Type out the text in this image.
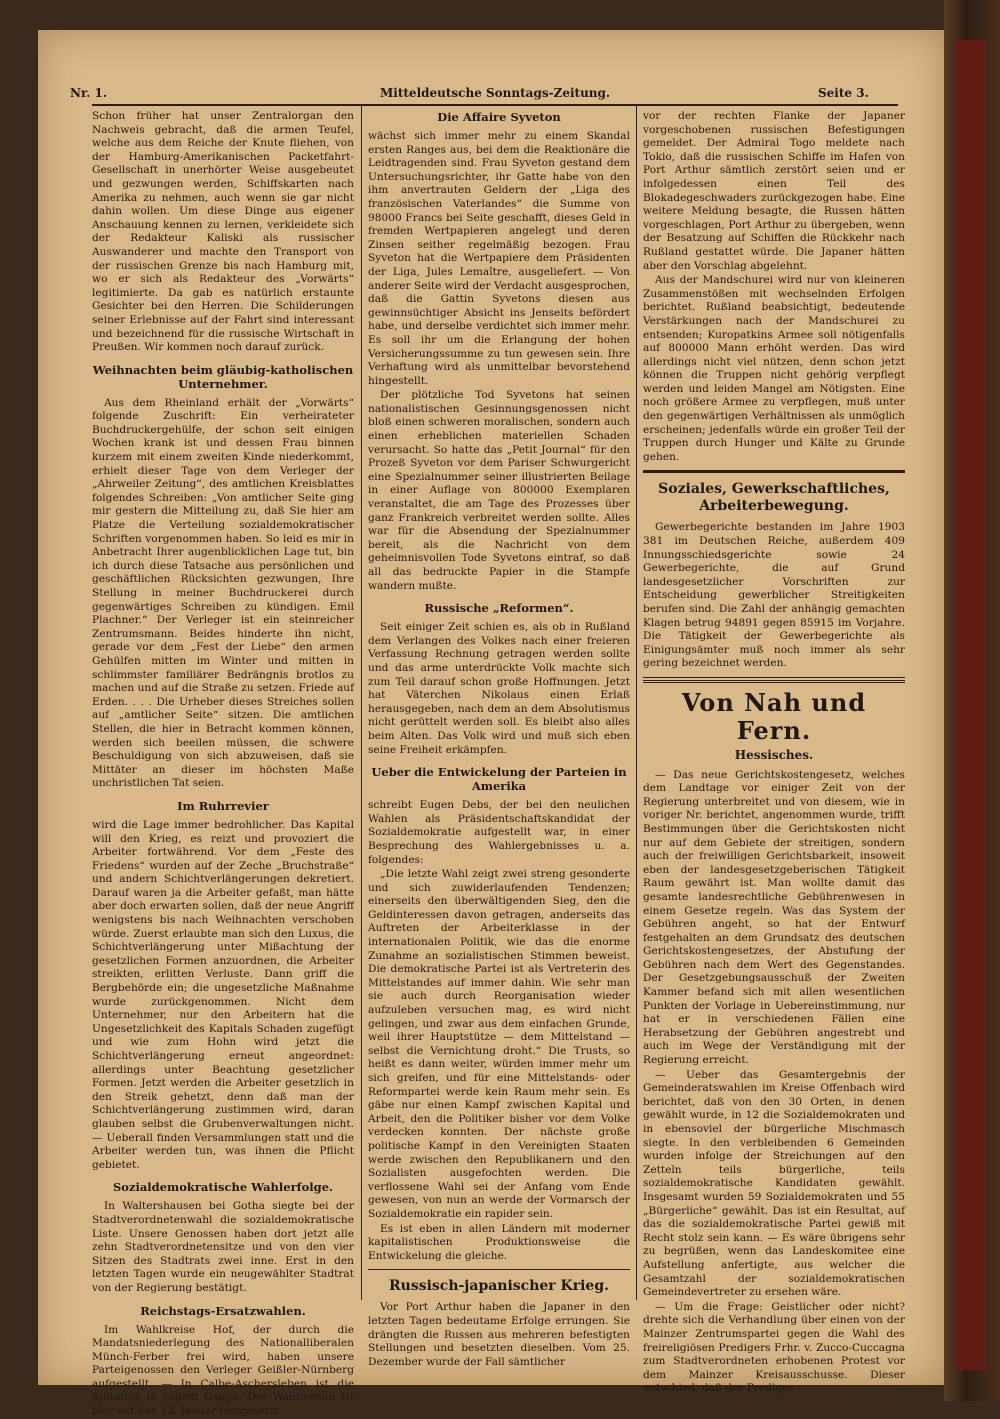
Nr. 1.	Mitteldeutsche Sonntags-Zeitung.	Seite 3.

Schon früher hat unser Zentralorgan den Nachweis gebracht, daß die armen Teufel, welche aus dem Reiche der Knute fliehen, von der Hamburg-Amerikanischen Packetfahrt-Gesellschaft in unerhörter Weise ausgebeutet und gezwungen werden, Schiffskarten nach Amerika zu nehmen, auch wenn sie gar nicht dahin wollen. Um diese Dinge aus eigener Anschauung kennen zu lernen, verkleidete sich der Redakteur Kaliski als russischer Auswanderer und machte den Transport von der russischen Grenze bis nach Hamburg mit, wo er sich als Redakteur des „Vorwärts“ legitimierte. Da gab es natürlich erstaunte Gesichter bei den Herren. Die Schilderungen seiner Erlebnisse auf der Fahrt sind interessant und bezeichnend für die russische Wirtschaft in Preußen. Wir kommen noch darauf zurück.

Weihnachten beim gläubig-katholischen Unternehmer.

Aus dem Rheinland erhält der „Vorwärts“ folgende Zuschrift: Ein verheirateter Buchdruckergehülfe, der schon seit einigen Wochen krank ist und dessen Frau binnen kurzem mit einem zweiten Kinde niederkommt, erhielt dieser Tage von dem Verleger der „Ahrweiler Zeitung“, des amtlichen Kreisblattes folgendes Schreiben: „Von amtlicher Seite ging mir gestern die Mitteilung zu, daß Sie hier am Platze die Verteilung sozialdemokratischer Schriften vorgenommen haben. So leid es mir in Anbetracht Ihrer augenblicklichen Lage tut, bin ich durch diese Tatsache aus persönlichen und geschäftlichen Rücksichten gezwungen, Ihre Stellung in meiner Buchdruckerei durch gegenwärtiges Schreiben zu kündigen. Emil Plachner.“ Der Verleger ist ein steinreicher Zentrumsmann. Beides hinderte ihn nicht, gerade vor dem „Fest der Liebe“ den armen Gehülfen mitten im Winter und mitten in schlimmster familiärer Bedrängnis brotlos zu machen und auf die Straße zu setzen. Friede auf Erden. . . . Die Urheber dieses Streiches sollen auf „amtlicher Seite“ sitzen. Die amtlichen Stellen, die hier in Betracht kommen können, werden sich beeilen müssen, die schwere Beschuldigung von sich abzuweisen, daß sie Mittäter an dieser im höchsten Maße unchristlichen Tat seien.

Im Ruhrrevier

wird die Lage immer bedrohlicher. Das Kapital will den Krieg, es reizt und provoziert die Arbeiter fortwährend. Vor dem „Feste des Friedens“ wurden auf der Zeche „Bruchstraße“ und andern Schichtverlängerungen dekretiert. Darauf waren ja die Arbeiter gefaßt, man hätte aber doch erwarten sollen, daß der neue Angriff wenigstens bis nach Weihnachten verschoben würde. Zuerst erlaubte man sich den Luxus, die Schichtverlängerung unter Mißachtung der gesetzlichen Formen anzuordnen, die Arbeiter streikten, erlitten Verluste. Dann griff die Bergbehörde ein; die ungesetzliche Maßnahme wurde zurückgenommen. Nicht dem Unternehmer, nur den Arbeitern hat die Ungesetzlichkeit des Kapitals Schaden zugefügt und wie zum Hohn wird jetzt die Schichtverlängerung erneut angeordnet: allerdings unter Beachtung gesetzlicher Formen. Jetzt werden die Arbeiter gesetzlich in den Streik gehetzt, denn daß man der Schichtverlängerung zustimmen wird, daran glauben selbst die Grubenverwaltungen nicht. — Ueberall finden Versammlungen statt und die Arbeiter werden tun, was ihnen die Pflicht gebietet.

Sozialdemokratische Wahlerfolge.

In Waltershausen bei Gotha siegte bei der Stadtverordnetenwahl die sozialdemokratische Liste. Unsere Genossen haben dort jetzt alle zehn Stadtverordnetensitze und von den vier Sitzen des Stadtrats zwei inne. Erst in den letzten Tagen wurde ein neugewählter Stadtrat von der Regierung bestätigt.

Reichstags-Ersatzwahlen.

Im Wahlkreise Hof, der durch die Mandatsniederlegung des Nationalliberalen Münch-Ferber frei wird, haben unsere Parteigenossen den Verleger Geißler-Nürnberg aufgestellt. — In Calbe-Aschersleben ist die Agitation in vollem Gange. Der Wahltermin ist hier auf den 13. Januar festgesetzt.

Die Affaire Syveton

wächst sich immer mehr zu einem Skandal ersten Ranges aus, bei dem die Reaktionäre die Leidtragenden sind. Frau Syveton gestand dem Untersuchungsrichter, ihr Gatte habe von den ihm anvertrauten Geldern der „Liga des französischen Vaterlandes“ die Summe von 98000 Francs bei Seite geschafft, dieses Geld in fremden Wertpapieren angelegt und deren Zinsen seither regelmäßig bezogen. Frau Syveton hat die Wertpapiere dem Präsidenten der Liga, Jules Lemaître, ausgeliefert. — Von anderer Seite wird der Verdacht ausgesprochen, daß die Gattin Syvetons diesen aus gewinnsüchtiger Absicht ins Jenseits befördert habe, und derselbe verdichtet sich immer mehr. Es soll ihr um die Erlangung der hohen Versicherungssumme zu tun gewesen sein. Ihre Verhaftung wird als unmittelbar bevorstehend hingestellt.

Der plötzliche Tod Syvetons hat seinen nationalistischen Gesinnungsgenossen nicht bloß einen schweren moralischen, sondern auch einen erheblichen materiellen Schaden verursacht. So hatte das „Petit Journal“ für den Prozeß Syveton vor dem Pariser Schwurgericht eine Spezialnummer seiner illustrierten Beilage in einer Auflage von 800000 Exemplaren veranstaltet, die am Tage des Prozesses über ganz Frankreich verbreitet werden sollte. Alles war für die Absendung der Spezialnummer bereit, als die Nachricht von dem geheimnisvollen Tode Syvetons eintraf, so daß all das bedruckte Papier in die Stampfe wandern mußte.

Russische „Reformen“.

Seit einiger Zeit schien es, als ob in Rußland dem Verlangen des Volkes nach einer freieren Verfassung Rechnung getragen werden sollte und das arme unterdrückte Volk machte sich zum Teil darauf schon große Hoffnungen. Jetzt hat Väterchen Nikolaus einen Erlaß herausgegeben, nach dem an dem Absolutismus nicht gerüttelt werden soll. Es bleibt also alles beim Alten. Das Volk wird und muß sich eben seine Freiheit erkämpfen.

Ueber die Entwickelung der Parteien in Amerika

schreibt Eugen Debs, der bei den neulichen Wahlen als Präsidentschaftskandidat der Sozialdemokratie aufgestellt war, in einer Besprechung des Wahlergebnisses u. a. folgendes:

„Die letzte Wahl zeigt zwei streng gesonderte und sich zuwiderlaufenden Tendenzen; einerseits den überwältigenden Sieg, den die Geldinteressen davon getragen, anderseits das Auftreten der Arbeiterklasse in der internationalen Politik, wie das die enorme Zunahme an sozialistischen Stimmen beweist. Die demokratische Partei ist als Vertreterin des Mittelstandes auf immer dahin. Wie sehr man sie auch durch Reorganisation wieder aufzuleben versuchen mag, es wird nicht gelingen, und zwar aus dem einfachen Grunde, weil ihrer Hauptstütze — dem Mittelstand — selbst die Vernichtung droht.“ Die Trusts, so heißt es dann weiter, würden immer mehr um sich greifen, und für eine Mittelstands- oder Reformpartei werde kein Raum mehr sein. Es gäbe nur einen Kampf zwischen Kapital und Arbeit, den die Politiker bisher vor dem Volke verdecken konnten. Der nächste große politische Kampf in den Vereinigten Staaten werde zwischen den Republikanern und den Sozialisten ausgefochten werden. Die verflossene Wahl sei der Anfang vom Ende gewesen, von nun an werde der Vormarsch der Sozialdemokratie ein rapider sein.

Es ist eben in allen Ländern mit moderner kapitalistischen Produktionsweise die Entwickelung die gleiche.

Russisch-japanischer Krieg.

Vor Port Arthur haben die Japaner in den letzten Tagen bedeutame Erfolge errungen. Sie drängten die Russen aus mehreren befestigten Stellungen und besetzten dieselben. Vom 25. Dezember wurde der Fall sämtlicher

vor der rechten Flanke der Japaner vorgeschobenen russischen Befestigungen gemeldet. Der Admiral Togo meldete nach Tokio, daß die russischen Schiffe im Hafen von Port Arthur sämtlich zerstört seien und er infolgedessen einen Teil des Blokadegeschwaders zurückgezogen habe. Eine weitere Meldung besagte, die Russen hätten vorgeschlagen, Port Arthur zu übergeben, wenn der Besatzung auf Schiffen die Rückkehr nach Rußland gestattet würde. Die Japaner hätten aber den Vorschlag abgelehnt.

Aus der Mandschurei wird nur von kleineren Zusammenstößen mit wechselnden Erfolgen berichtet. Rußland beabsichtigt, bedeutende Verstärkungen nach der Mandschurei zu entsenden; Kuropatkins Armee soll nötigenfalls auf 800000 Mann erhöht werden. Das wird allerdings nicht viel nützen, denn schon jetzt können die Truppen nicht gehörig verpflegt werden und leiden Mangel am Nötigsten. Eine noch größere Armee zu verpflegen, muß unter den gegenwärtigen Verhältnissen als unmöglich erscheinen; jedenfalls würde ein großer Teil der Truppen durch Hunger und Kälte zu Grunde gehen.

Soziales, Gewerkschaftliches, Arbeiterbewegung.

Gewerbegerichte bestanden im Jahre 1903 381 im Deutschen Reiche, außerdem 409 Innungsschiedsgerichte sowie 24 Gewerbegerichte, die auf Grund landesgesetzlicher Vorschriften zur Entscheidung gewerblicher Streitigkeiten berufen sind. Die Zahl der anhängig gemachten Klagen betrug 94891 gegen 85915 im Vorjahre. Die Tätigkeit der Gewerbegerichte als Einigungsämter muß noch immer als sehr gering bezeichnet werden.

Von Nah und Fern.
Hessisches.

— Das neue Gerichtskostengesetz, welches dem Landtage vor einiger Zeit von der Regierung unterbreitet und von diesem, wie in voriger Nr. berichtet, angenommen wurde, trifft Bestimmungen über die Gerichtskosten nicht nur auf dem Gebiete der streitigen, sondern auch der freiwilligen Gerichtsbarkeit, insoweit eben der landesgesetzgeberischen Tätigkeit Raum gewährt ist. Man wollte damit das gesamte landesrechtliche Gebührenwesen in einem Gesetze regeln. Was das System der Gebühren angeht, so hat der Entwurf festgehalten an dem Grundsatz des deutschen Gerichtskostengesetzes, der Abstufung der Gebühren nach dem Wert des Gegenstandes. Der Gesetzgebungsausschuß der Zweiten Kammer befand sich mit allen wesentlichen Punkten der Vorlage in Uebereinstimmung, nur hat er in verschiedenen Fällen eine Herabsetzung der Gebühren angestrebt und auch im Wege der Verständigung mit der Regierung erreicht.

— Ueber das Gesamtergebnis der Gemeinderatswahlen im Kreise Offenbach wird berichtet, daß von den 30 Orten, in denen gewählt wurde, in 12 die Sozialdemokraten und in ebensoviel der bürgerliche Mischmasch siegte. In den verbleibenden 6 Gemeinden wurden infolge der Streichungen auf den Zetteln teils bürgerliche, teils sozialdemokratische Kandidaten gewählt. Insgesamt wurden 59 Sozialdemokraten und 55 „Bürgerliche“ gewählt. Das ist ein Resultat, auf das die sozialdemokratische Partei gewiß mit Recht stolz sein kann. — Es wäre übrigens sehr zu begrüßen, wenn das Landeskomitee eine Aufstellung anfertigte, aus welcher die Gesamtzahl der sozialdemokratischen Gemeindevertreter zu ersehen wäre.

— Um die Frage: Geistlicher oder nicht? drehte sich die Verhandlung über einen von der Mainzer Zentrumspartei gegen die Wahl des freireligiösen Predigers Frhr. v. Zucco-Cuccagna zum Stadtverordneten erhobenen Protest vor dem Mainzer Kreisausschusse. Dieser entschied, daß der Prediger
